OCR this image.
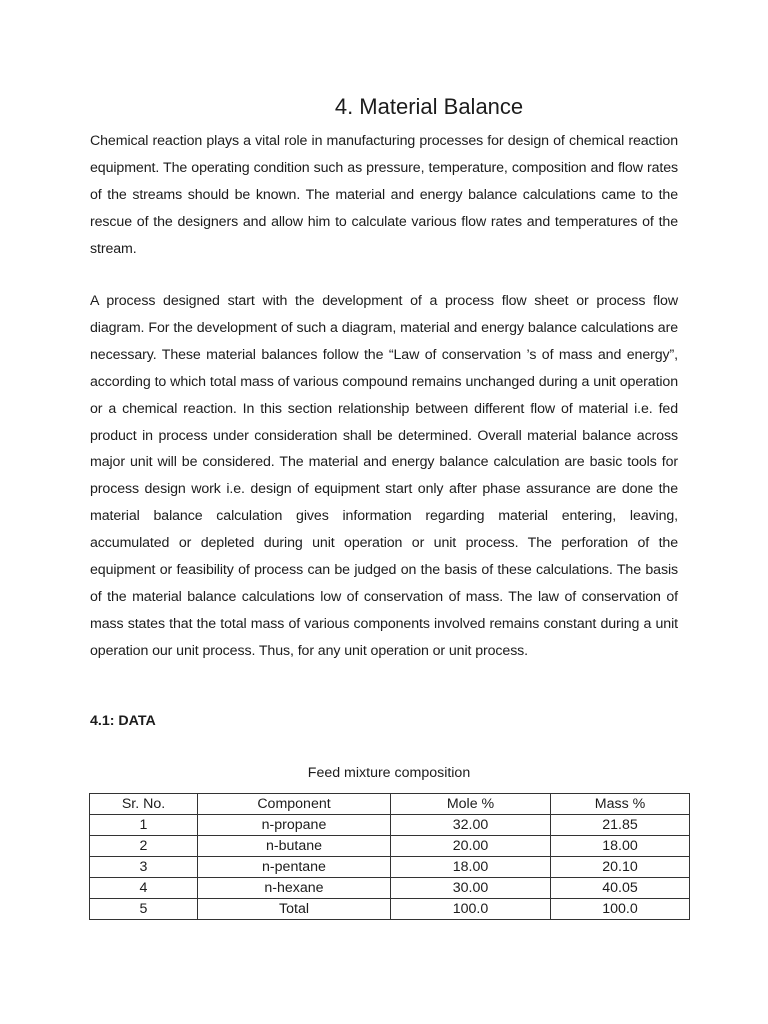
4. Material Balance

Chemical reaction plays a vital role in manufacturing processes for design of chemical reaction equipment. The operating condition such as pressure, temperature, composition and flow rates of the streams should be known. The material and energy balance calculations came to the rescue of the designers and allow him to calculate various flow rates and temperatures of the stream.

A process designed start with the development of a process flow sheet or process flow diagram. For the development of such a diagram, material and energy balance calculations are necessary. These material balances follow the “Law of conservation ’s of mass and energy”, according to which total mass of various compound remains unchanged during a unit operation or a chemical reaction. In this section relationship between different flow of material i.e. fed product in process under consideration shall be determined. Overall material balance across major unit will be considered. The material and energy balance calculation are basic tools for process design work i.e. design of equipment start only after phase assurance are done the material balance calculation gives information regarding material entering, leaving, accumulated or depleted during unit operation or unit process. The perforation of the equipment or feasibility of process can be judged on the basis of these calculations. The basis of the material balance calculations low of conservation of mass. The law of conservation of mass states that the total mass of various components involved remains constant during a unit operation our unit process. Thus, for any unit operation or unit process.

4.1: DATA
Feed mixture composition
Sr. No.	Component	Mole %	Mass %
1	n-propane	32.00	21.85
2	n-butane	20.00	18.00
3	n-pentane	18.00	20.10
4	n-hexane	30.00	40.05
5	Total	100.0	100.0
